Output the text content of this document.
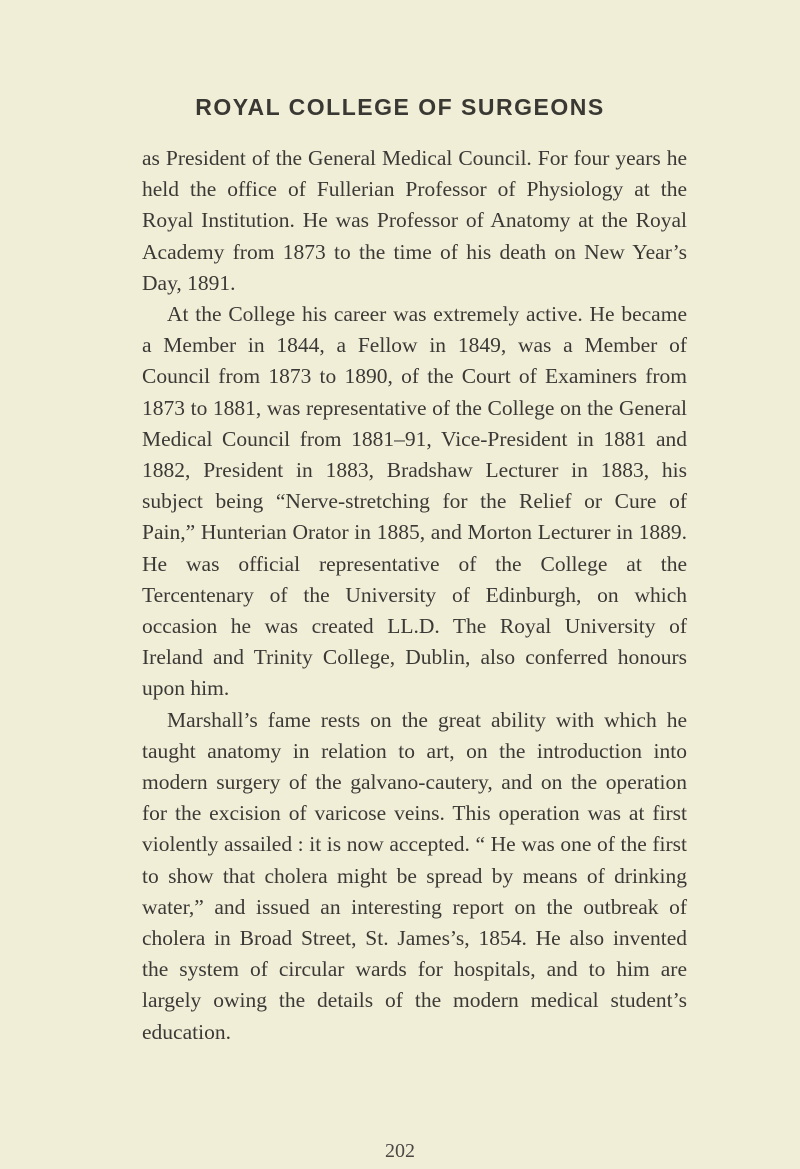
ROYAL COLLEGE OF SURGEONS

as President of the General Medical Council. For four years he held the office of Fullerian Professor of Physiology at the Royal Institution. He was Professor of Anatomy at the Royal Academy from 1873 to the time of his death on New Year’s Day, 1891.

At the College his career was extremely active. He became a Member in 1844, a Fellow in 1849, was a Member of Council from 1873 to 1890, of the Court of Examiners from 1873 to 1881, was representative of the College on the General Medical Council from 1881–91, Vice-President in 1881 and 1882, President in 1883, Bradshaw Lecturer in 1883, his subject being “Nerve-stretching for the Relief or Cure of Pain,” Hunterian Orator in 1885, and Morton Lecturer in 1889. He was official representative of the College at the Tercentenary of the University of Edinburgh, on which occasion he was created LL.D. The Royal University of Ireland and Trinity College, Dublin, also conferred honours upon him.

Marshall’s fame rests on the great ability with which he taught anatomy in relation to art, on the introduction into modern surgery of the galvano-cautery, and on the operation for the excision of varicose veins. This operation was at first violently assailed : it is now accepted. “ He was one of the first to show that cholera might be spread by means of drinking water,” and issued an interesting report on the outbreak of cholera in Broad Street, St. James’s, 1854. He also invented the system of circular wards for hospitals, and to him are largely owing the details of the modern medical student’s education.

202
